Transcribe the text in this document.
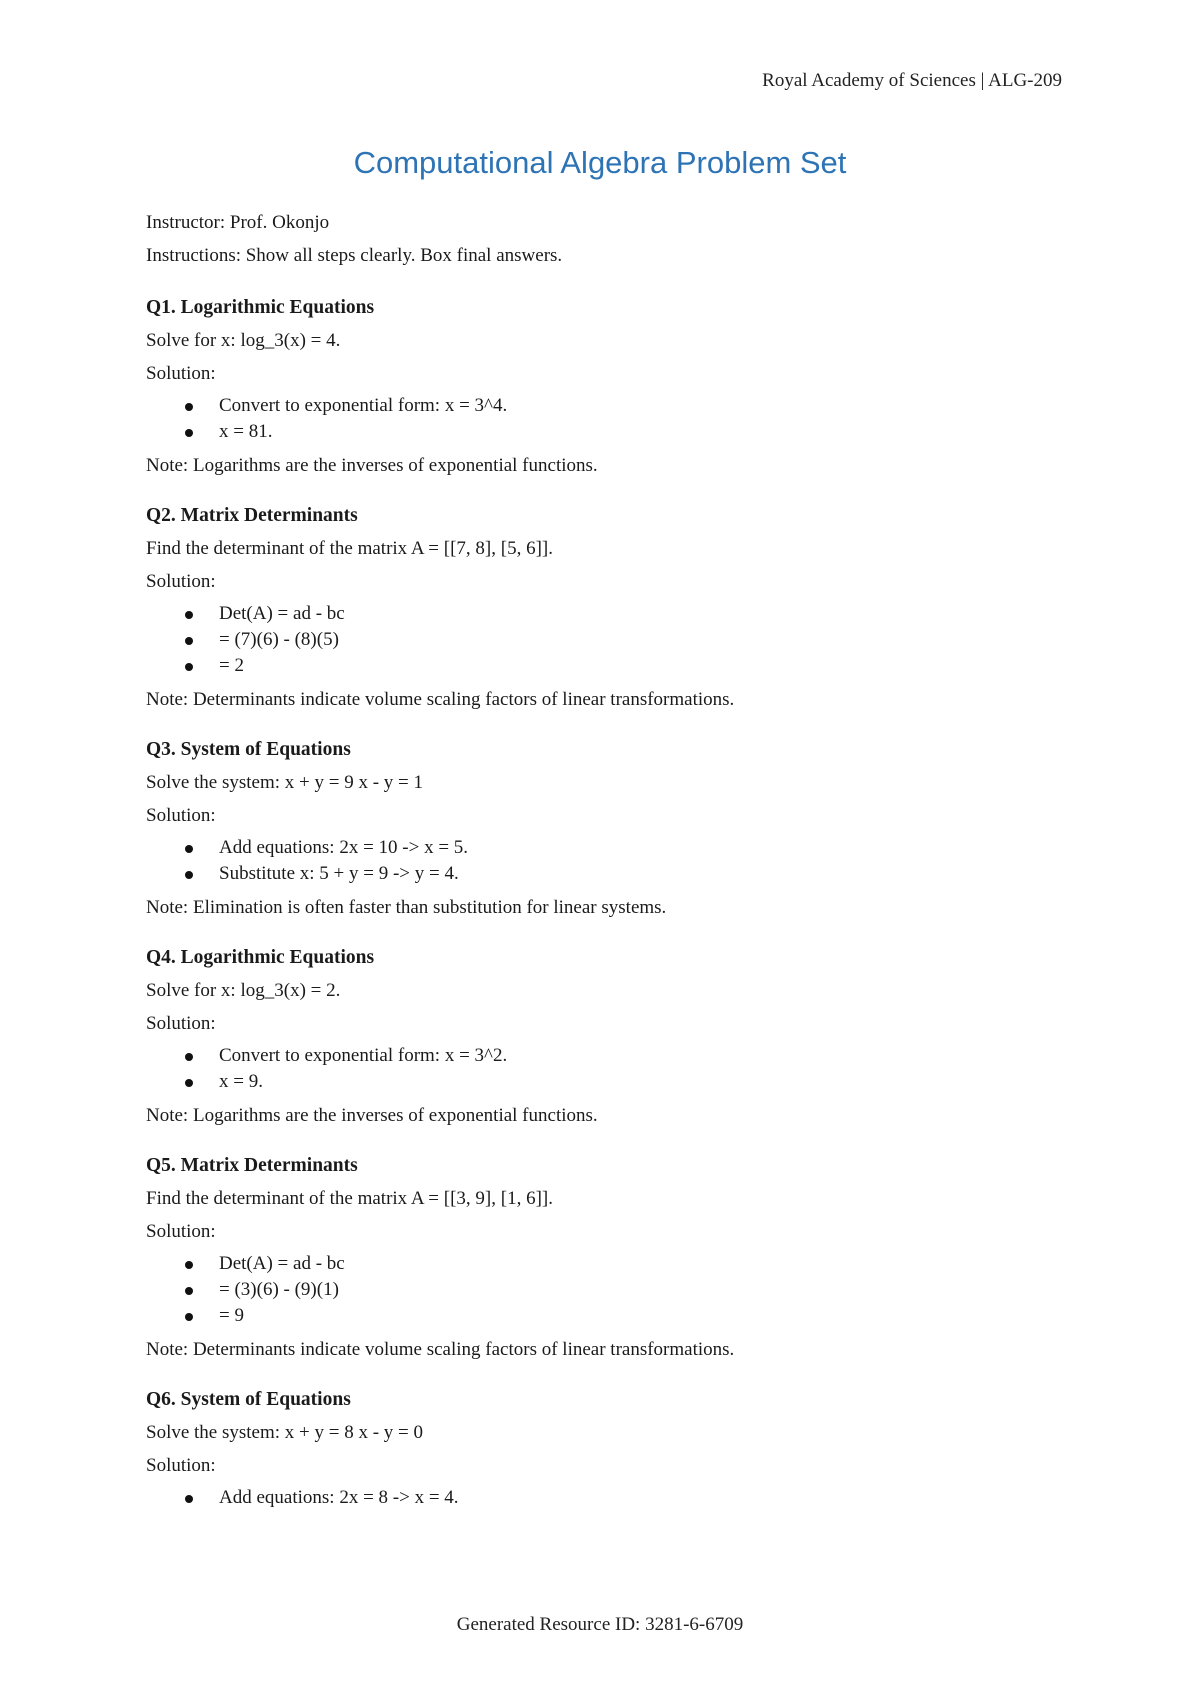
Royal Academy of Sciences | ALG-209
Computational Algebra Problem Set

Instructor: Prof. Okonjo

Instructions: Show all steps clearly. Box final answers.

Q1. Logarithmic Equations

Solve for x: log_3(x) = 4.

Solution:

Convert to exponential form: x = 3^4.
x = 81.

Note: Logarithms are the inverses of exponential functions.

Q2. Matrix Determinants

Find the determinant of the matrix A = [[7, 8], [5, 6]].

Solution:

Det(A) = ad - bc
= (7)(6) - (8)(5)
= 2

Note: Determinants indicate volume scaling factors of linear transformations.

Q3. System of Equations

Solve the system: x + y = 9 x - y = 1

Solution:

Add equations: 2x = 10 -> x = 5.
Substitute x: 5 + y = 9 -> y = 4.

Note: Elimination is often faster than substitution for linear systems.

Q4. Logarithmic Equations

Solve for x: log_3(x) = 2.

Solution:

Convert to exponential form: x = 3^2.
x = 9.

Note: Logarithms are the inverses of exponential functions.

Q5. Matrix Determinants

Find the determinant of the matrix A = [[3, 9], [1, 6]].

Solution:

Det(A) = ad - bc
= (3)(6) - (9)(1)
= 9

Note: Determinants indicate volume scaling factors of linear transformations.

Q6. System of Equations

Solve the system: x + y = 8 x - y = 0

Solution:

Add equations: 2x = 8 -> x = 4.
Generated Resource ID: 3281-6-6709
